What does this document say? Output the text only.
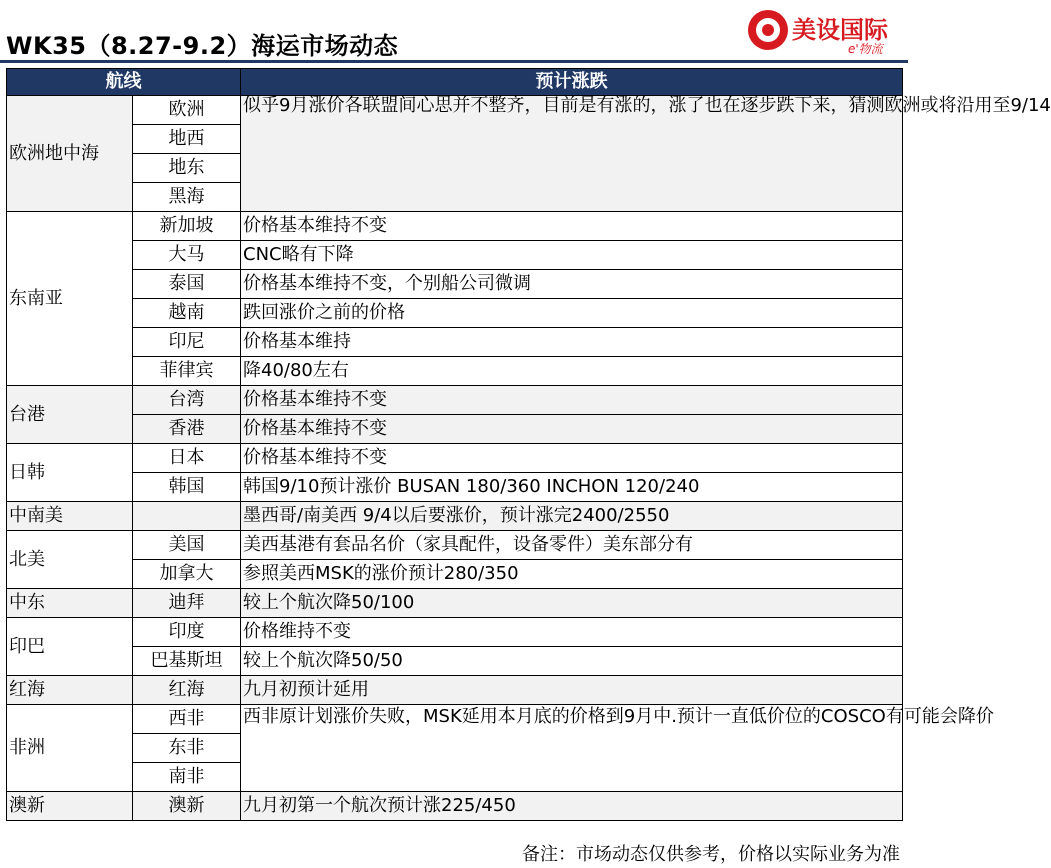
WK35（8.27-9.2）海运市场动态
美设国际
e'物流
航线		预计涨跌
欧洲地中海	欧洲	似乎9月涨价各联盟间心思并不整齐，目前是有涨的，涨了也在逐步跌下来，猜测欧洲或将沿用至9/14
	地西	
	地东	
	黑海	
东南亚	新加坡	价格基本维持不变
	大马	CNC略有下降
	泰国	价格基本维持不变，个别船公司微调
	越南	跌回涨价之前的价格
	印尼	价格基本维持
	菲律宾	降40/80左右
台港	台湾	价格基本维持不变
	香港	价格基本维持不变
日韩	日本	价格基本维持不变
	韩国	韩国9/10预计涨价 BUSAN 180/360 INCHON 120/240
中南美		墨西哥/南美西 9/4以后要涨价，预计涨完2400/2550
北美	美国	美西基港有套品名价（家具配件，设备零件）美东部分有
	加拿大	参照美西MSK的涨价预计280/350
中东	迪拜	较上个航次降50/100
印巴	印度	价格维持不变
	巴基斯坦	较上个航次降50/50
红海	红海	九月初预计延用
非洲	西非	西非原计划涨价失败，MSK延用本月底的价格到9月中.预计一直低价位的COSCO有可能会降价
	东非	
	南非	
澳新	澳新	九月初第一个航次预计涨225/450
备注：市场动态仅供参考，价格以实际业务为准
